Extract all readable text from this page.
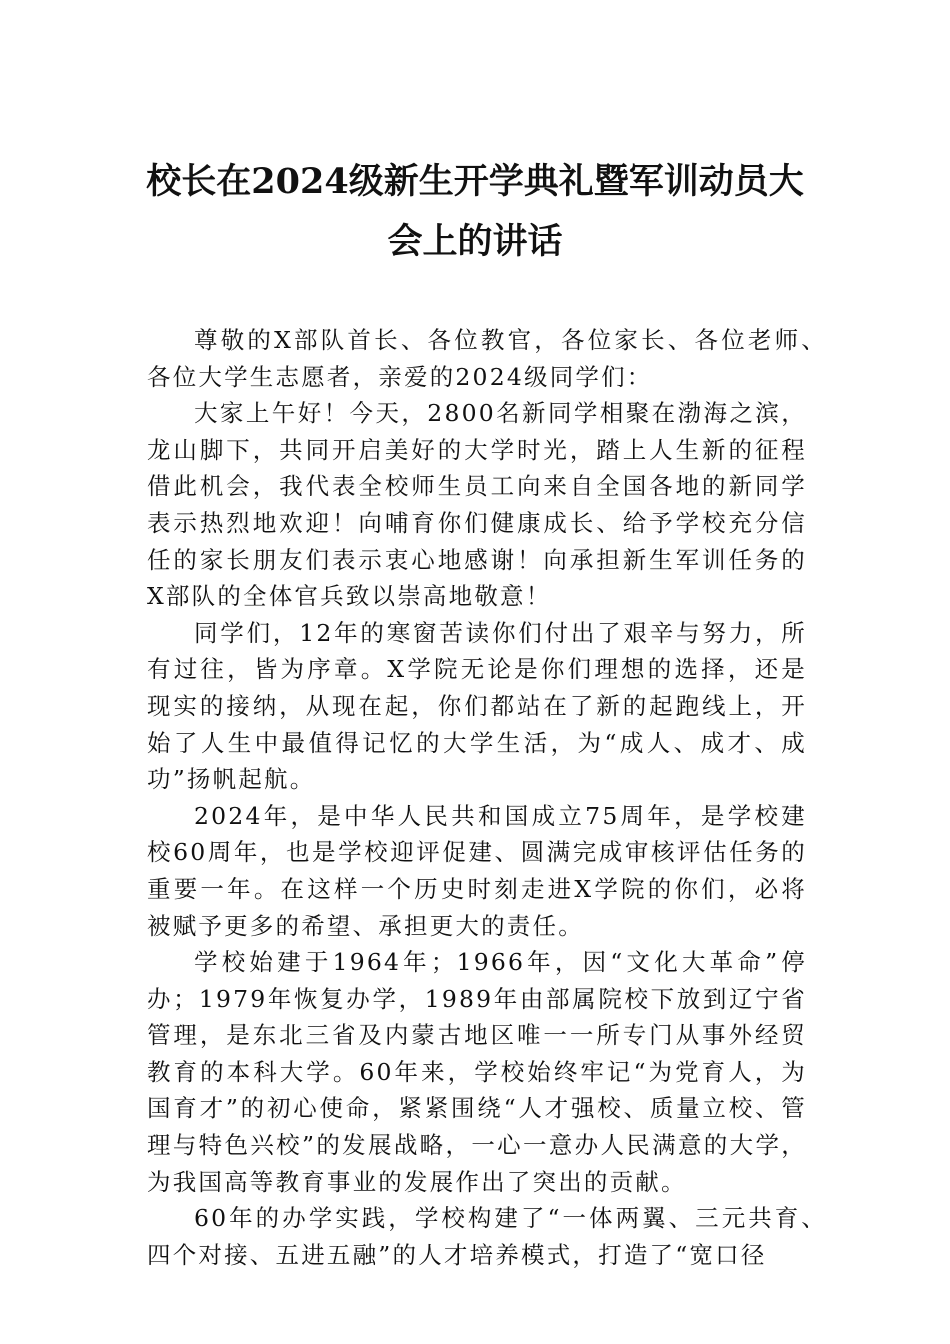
校长在2024级新生开学典礼暨军训动员大
会上的讲话

尊敬的X部队首长、各位教官，各位家长、各位老师、各位大学生志愿者，亲爱的2024级同学们：

大家上午好！今天，2800名新同学相聚在渤海之滨，龙山脚下，共同开启美好的大学时光，踏上人生新的征程借此机会，我代表全校师生员工向来自全国各地的新同学表示热烈地欢迎！向哺育你们健康成长、给予学校充分信任的家长朋友们表示衷心地感谢！向承担新生军训任务的X部队的全体官兵致以崇高地敬意！

同学们，12年的寒窗苦读你们付出了艰辛与努力，所有过往，皆为序章。X学院无论是你们理想的选择，还是现实的接纳，从现在起，你们都站在了新的起跑线上，开始了人生中最值得记忆的大学生活，为“成人、成才、成功”扬帆起航。

2024年，是中华人民共和国成立75周年，是学校建校60周年，也是学校迎评促建、圆满完成审核评估任务的重要一年。在这样一个历史时刻走进X学院的你们，必将被赋予更多的希望、承担更大的责任。

学校始建于1964年；1966年，因“文化大革命”停办；1979年恢复办学，1989年由部属院校下放到辽宁省管理，是东北三省及内蒙古地区唯一一所专门从事外经贸教育的本科大学。60年来，学校始终牢记“为党育人，为国育才”的初心使命，紧紧围绕“人才强校、质量立校、管理与特色兴校”的发展战略，一心一意办人民满意的大学，为我国高等教育事业的发展作出了突出的贡献。

60年的办学实践，学校构建了“一体两翼、三元共育、四个对接、五进五融”的人才培养模式，打造了“宽口径
